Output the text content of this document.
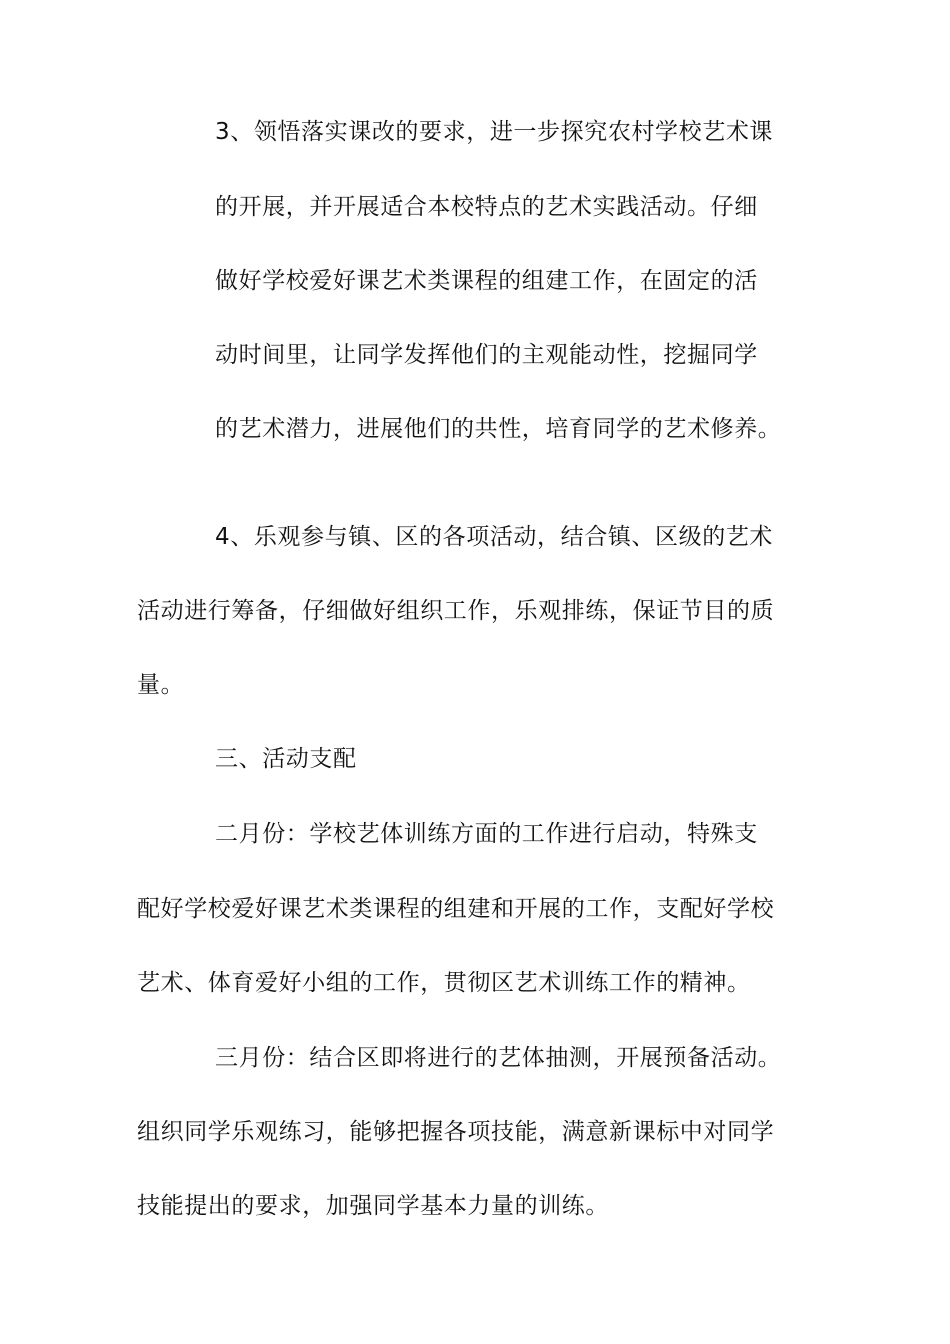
3、领悟落实课改的要求，进一步探究农村学校艺术课
的开展，并开展适合本校特点的艺术实践活动。仔细
做好学校爱好课艺术类课程的组建工作，在固定的活
动时间里，让同学发挥他们的主观能动性，挖掘同学
的艺术潜力，进展他们的共性，培育同学的艺术修养。
4、乐观参与镇、区的各项活动，结合镇、区级的艺术
活动进行筹备，仔细做好组织工作，乐观排练，保证节目的质
量。
三、活动支配
二月份：学校艺体训练方面的工作进行启动，特殊支
配好学校爱好课艺术类课程的组建和开展的工作，支配好学校
艺术、体育爱好小组的工作，贯彻区艺术训练工作的精神。
三月份：结合区即将进行的艺体抽测，开展预备活动。
组织同学乐观练习，能够把握各项技能，满意新课标中对同学
技能提出的要求，加强同学基本力量的训练。
